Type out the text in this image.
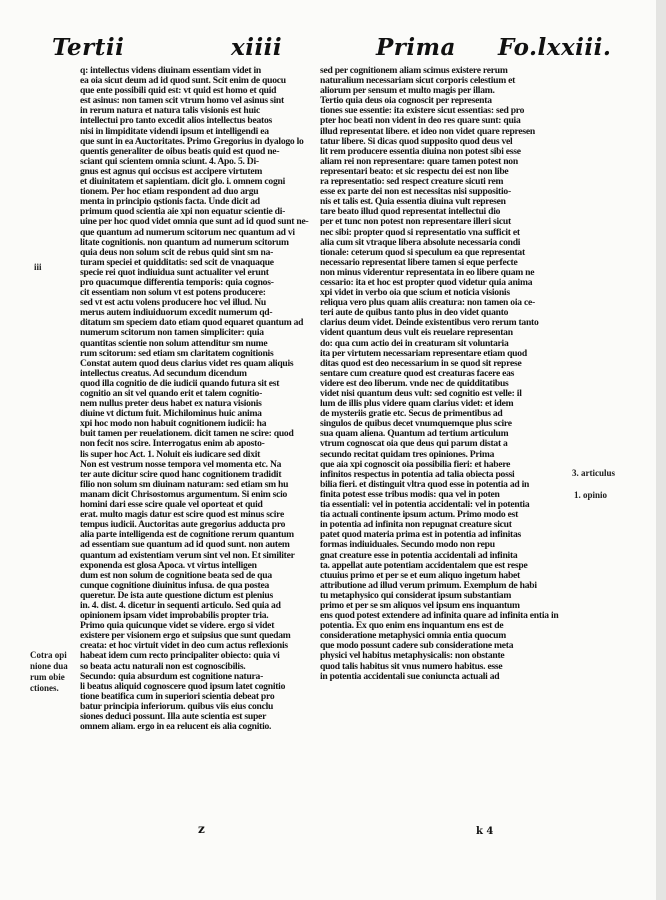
Tertii	xiiii	Prima Fo.lxxiii.
q: intellectus videns diuinam essentiam videt in
ea oia sicut deum ad id quod sunt. Scit enim de quocu
que ente possibili quid est: vt quid est homo et quid
est asinus: non tamen scit vtrum homo vel asinus sint
in rerum natura et natura talis visionis est huic
intellectui pro tanto excedit alios intellectus beatos
nisi in limpiditate videndi ipsum et intelligendi ea
que sunt in ea Auctoritates. Primo Gregorius in dyalogo lo
quentis generaliter de oibus beatis quid est quod ne-
sciant qui scientem omnia sciunt. 4. Apo. 5. Di-
gnus est agnus qui occisus est accipere virtutem
et diuinitatem et sapientiam. dicit glo. i. omnem cogni
tionem. Per hoc etiam respondent ad duo argu
menta in principio qstionis facta. Unde dicit ad
primum quod scientia aie xpi non equatur scientie di-
uine per hoc quod videt omnia que sunt ad id quod sunt ne-
que quantum ad numerum scitorum nec quantum ad vi
litate cognitionis. non quantum ad numerum scitorum
quia deus non solum scit de rebus quid sint sm na-
turam speciei et quidditatis: sed scit de vnaquaque
specie rei quot indiuidua sunt actualiter vel erunt
pro quacumque differentia temporis: quia cognos-
cit essentiam non solum vt est potens producere:
sed vt est actu volens producere hoc vel illud. Nu
merus autem indiuiduorum excedit numerum qd-
ditatum sm speciem dato etiam quod equaret quantum ad
numerum scitorum non tamen simpliciter: quia
quantitas scientie non solum attenditur sm nume
rum scitorum: sed etiam sm claritatem cognitionis
Constat autem quod deus clarius videt res quam aliquis
intellectus creatus. Ad secundum dicendum
quod illa cognitio de die iudicii quando futura sit est
cognitio an sit vel quando erit et talem cognitio-
nem nullus preter deus habet ex natura visionis
diuine vt dictum fuit. Michilominus huic anima
xpi hoc modo non habuit cognitionem iudicii: ha
buit tamen per reuelationem. dicit tamen ne scire: quod
non fecit nos scire. Interrogatus enim ab aposto-
lis super hoc Act. 1. Noluit eis iudicare sed dixit
Non est vestrum nosse tempora vel momenta etc. Na
ter aute dicitur scire quod hanc cognitionem tradidit
filio non solum sm diuinam naturam: sed etiam sm hu
manam dicit Chrisostomus argumentum. Si enim scio
homini dari esse scire quale vel oporteat et quid
erat. multo magis datur est scire quod est minus scire
tempus iudicii. Auctoritas aute gregorius adducta pro
alia parte intelligenda est de cognitione rerum quantum
ad essentiam sue quantum ad id quod sunt. non autem
quantum ad existentiam verum sint vel non. Et similiter
exponenda est glosa Apoca. vt virtus intelligen
dum est non solum de cognitione beata sed de qua
cunque cognitione diuinitus infusa. de qua postea
queretur. De ista aute questione dictum est plenius
in. 4. dist. 4. dicetur in sequenti articulo. Sed quia ad
opinionem ipsam videt improbabilis propter tria.
Primo quia quicunque videt se videre. ergo si videt
existere per visionem ergo et suipsius que sunt quedam
creata: et hoc virtuit videt in deo cum actus reflexionis
habeat idem cum recto principaliter obiecto: quia vi
so beata actu naturali non est cognoscibilis.
Secundo: quia absurdum est cognitione natura-
li beatus aliquid cognoscere quod ipsum latet cognitio
tione beatifica cum in superiori scientia debeat pro
batur principia inferiorum. quibus viis eius conclu
siones deduci possunt. Illa aute scientia est super
omnem aliam. ergo in ea relucent eis alia cognitio.
sed per cognitionem aliam scimus existere rerum
naturalium necessariam sicut corporis celestium et
aliorum per sensum et multo magis per illam.
Tertio quia deus oia cognoscit per representa
tiones sue essentie: ita existere sicut essentias: sed pro
pter hoc beati non vident in deo res quare sunt: quia
illud representat libere. et ideo non videt quare represen
tatur libere. Si dicas quod supposito quod deus vel
lit rem producere essentia diuina non potest sibi esse
aliam rei non representare: quare tamen potest non
representari beato: et sic respectu dei est non libe
ra representatio: sed respect creature sicuti rem
esse ex parte dei non est necessitas nisi suppositio-
nis et talis est. Quia essentia diuina vult represen
tare beato illud quod representat intellectui dio
per et tunc non potest non representare illeri sicut
nec sibi: propter quod si representatio vna sufficit et
alia cum sit vtraque libera absolute necessaria condi
tionale: ceterum quod si speculum ea que representat
necessario representat libere tamen si eque perfecte
non minus viderentur representata in eo libere quam ne
cessario: ita et hoc est propter quod videtur quia anima
xpi videt in verbo oia que scium et noticia visionis
reliqua vero plus quam aliis creatura: non tamen oia ce-
teri aute de quibus tanto plus in deo videt quanto
clarius deum videt. Deinde existentibus vero rerum tanto
vident quantum deus vult eis reuelare representan
do: qua cum actio dei in creaturam sit voluntaria
ita per virtutem necessariam representare etiam quod
ditas quod est deo necessarium in se quod sit represe
sentare cum creature quod est creaturas facere eas
videre est deo liberum. vnde nec de quidditatibus
videt nisi quantum deus vult: sed cognitio est velle: il
lum de illis plus videre quam clarius videt: et idem
de mysteriis gratie etc. Secus de primentibus ad
singulos de quibus decet vnumquemque plus scire
sua quam aliena. Quantum ad tertium articulum
vtrum cognoscat oia que deus qui parum distat a
secundo recitat quidam tres opiniones. Prima
que aia xpi cognoscit oia possibilia fieri: et habere
infinitos respectus in potentia ad talia obiecta possi
bilia fieri. et distinguit vltra quod esse in potentia ad in
finita potest esse tribus modis: qua vel in poten
tia essentiali: vel in potentia accidentali: vel in potentia
tia actuali continente ipsum actum. Primo modo est
in potentia ad infinita non repugnat creature sicut
patet quod materia prima est in potentia ad infinitas
formas indiuiduales. Secundo modo non repu
gnat creature esse in potentia accidentali ad infinita
ta. appellat aute potentiam accidentalem que est respe
ctuuius primo et per se et eum aliquo ingetum habet
attributione ad illud verum primum. Exemplum de habi
tu metaphysico qui considerat ipsum substantiam
primo et per se sm aliquos vel ipsum ens inquantum
ens quod potest extendere ad infinita quare ad infinita entia in
potentia. Ex quo enim ens inquantum ens est de
consideratione metaphysici omnia entia quocum
que modo possunt cadere sub consideratione meta
physici vel habitus metaphysicalis: non obstante
quod talis habitus sit vnus numero habitus. esse
in potentia accidentali sue coniuncta actuali ad
iii
Cotra opi
nione dua
rum obie
ctiones.
3. articulus
1. opinio
z	k 4
